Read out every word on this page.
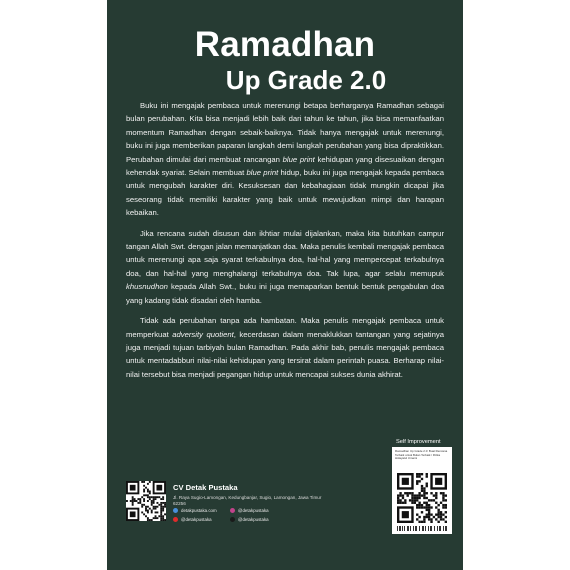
Ramadhan
Up Grade 2.0

Buku ini mengajak pembaca untuk merenungi betapa berharganya Ramadhan sebagai bulan perubahan. Kita bisa menjadi lebih baik dari tahun ke tahun, jika bisa memanfaatkan momentum Ramadhan dengan sebaik-baiknya. Tidak hanya mengajak untuk merenungi, buku ini juga memberikan paparan langkah demi langkah perubahan yang bisa dipraktikkan. Perubahan dimulai dari membuat rancangan blue print kehidupan yang disesuaikan dengan kehendak syariat. Selain membuat blue print hidup, buku ini juga mengajak kepada pembaca untuk mengubah karakter diri. Kesuksesan dan kebahagiaan tidak mungkin dicapai jika seseorang tidak memiliki karakter yang baik untuk mewujudkan mimpi dan harapan kebaikan.

Jika rencana sudah disusun dan ikhtiar mulai dijalankan, maka kita butuhkan campur tangan Allah Swt. dengan jalan memanjatkan doa. Maka penulis kembali mengajak pembaca untuk merenungi apa saja syarat terkabulnya doa, hal-hal yang mempercepat terkabulnya doa, dan hal-hal yang menghalangi terkabulnya doa. Tak lupa, agar selalu memupuk khusnudhon kepada Allah Swt., buku ini juga memaparkan bentuk bentuk pengabulan doa yang kadang tidak disadari oleh hamba.

Tidak ada perubahan tanpa ada hambatan. Maka penulis mengajak pembaca untuk memperkuat adversity quotient, kecerdasan dalam menaklukkan tantangan yang sejatinya juga menjadi tujuan tarbiyah bulan Ramadhan. Pada akhir bab, penulis mengajak pembaca untuk mentadabburi nilai-nilai kehidupan yang tersirat dalam perintah puasa. Berharap nilai-nilai tersebut bisa menjadi pegangan hidup untuk mencapai sukses dunia akhirat.

CV Detak Pustaka
Jl. Raya Sugio-Lamongan, Kedungbanjar, Sugio, Lamongan, Jawa Timur 62256
detakpustaka.com	@detakpustaka
@detakpustaka	@detakpustaka
Self Improvement
Ramadhan Up Grade 2.0: Buat Rencana Terbaik untuk Bulan Terbaik / Rizka Hidayatul Umami
